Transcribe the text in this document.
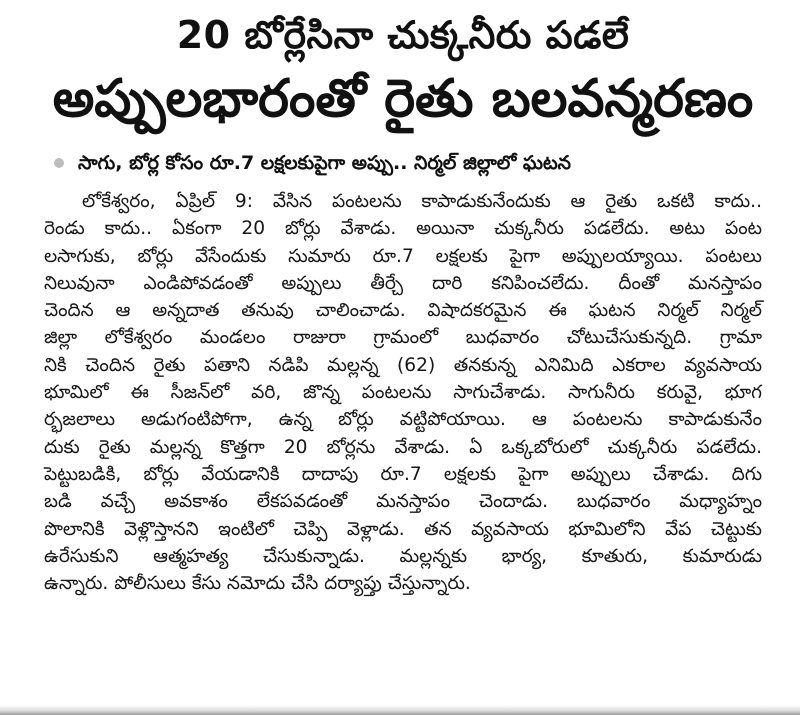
20 బోర్లేసినా చుక్కనీరు పడలే
అప్పులభారంతో రైతు బలవన్మరణం
సాగు, బోర్ల కోసం రూ.7 లక్షలకుపైగా అప్పు.. నిర్మల్ జిల్లాలో ఘటన
లోకేశ్వరం, ఏప్రిల్ 9: వేసిన పంటలను కాపాడుకునేందుకు ఆ రైతు ఒకటి కాదు..
రెండు కాదు.. ఏకంగా 20 బోర్లు వేశాడు. అయినా చుక్కనీరు పడలేదు. అటు పంట
లసాగుకు, బోర్లు వేసేందుకు సుమారు రూ.7 లక్షలకు పైగా అప్పులయ్యాయి. పంటలు
నిలువునా ఎండిపోవడంతో అప్పులు తీర్చే దారి కనిపించలేదు. దీంతో మనస్తాపం
చెందిన ఆ అన్నదాత తనువు చాలించాడు. విషాదకరమైన ఈ ఘటన నిర్మల్ నిర్మల్
జిల్లా లోకేశ్వరం మండలం రాజురా గ్రామంలో బుధవారం చోటుచేసుకున్నది. గ్రామా
నికి చెందిన రైతు పతాని నడిపి మల్లన్న (62) తనకున్న ఎనిమిది ఎకరాల వ్యవసాయ
భూమిలో ఈ సీజన్‌లో వరి, జొన్న పంటలను సాగుచేశాడు. సాగునీరు కరువై, భూగ
ర్భజలాలు అడుగంటిపోగా, ఉన్న బోర్లు వట్టిపోయాయి. ఆ పంటలను కాపాడుకునేం
దుకు రైతు మల్లన్న కొత్తగా 20 బోర్లను వేశాడు. ఏ ఒక్కబోరులో చుక్కనీరు పడలేదు.
పెట్టుబడికి, బోర్లు వేయడానికి దాదాపు రూ.7 లక్షలకు పైగా అప్పులు చేశాడు. దిగు
బడి వచ్చే అవకాశం లేకపవడంతో మనస్తాపం చెందాడు. బుధవారం మధ్యాహ్నం
పొలానికి వెళ్లొస్తానని ఇంటిలో చెప్పి వెళ్లాడు. తన వ్యవసాయ భూమిలోని వేప చెట్టుకు
ఉరేసుకుని ఆత్మహత్య చేసుకున్నాడు. మల్లన్నకు భార్య, కూతురు, కుమారుడు
ఉన్నారు. పోలీసులు కేసు నమోదు చేసి దర్యాప్తు చేస్తున్నారు.
